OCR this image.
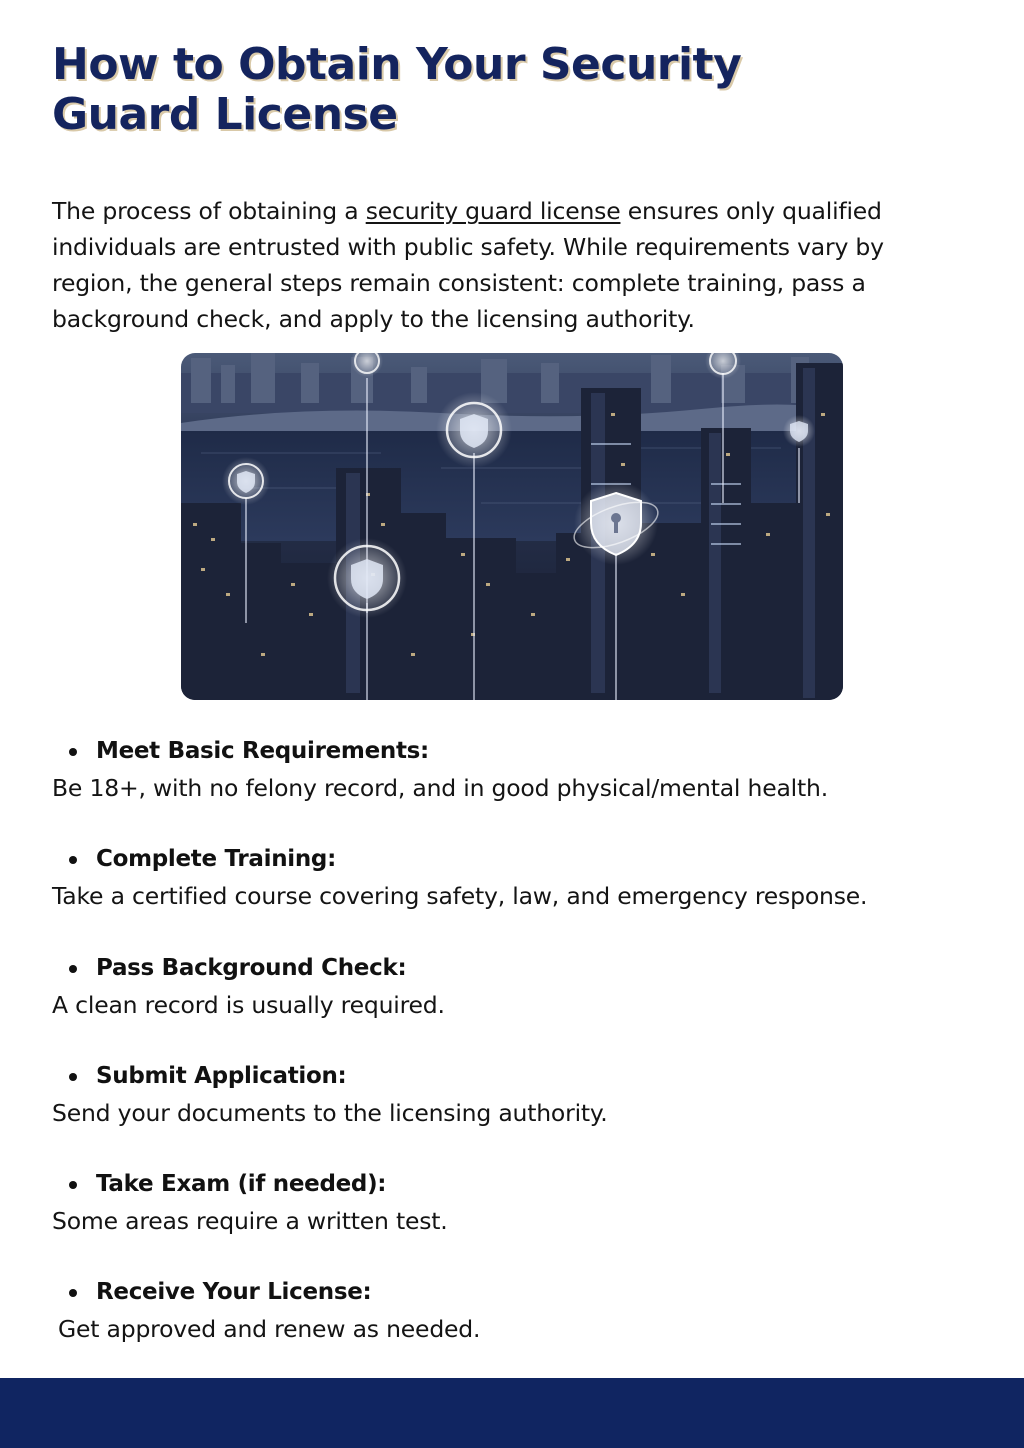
How to Obtain Your Security
Guard License

The process of obtaining a security guard license ensures only qualified individuals are entrusted with public safety. While requirements vary by region, the general steps remain consistent: complete training, pass a background check, and apply to the licensing authority.

Meet Basic Requirements:
Be 18+, with no felony record, and in good physical/mental health.
Complete Training:
Take a certified course covering safety, law, and emergency response.
Pass Background Check:
A clean record is usually required.
Submit Application:
Send your documents to the licensing authority.
Take Exam (if needed):
Some areas require a written test.
Receive Your License:
Get approved and renew as needed.
